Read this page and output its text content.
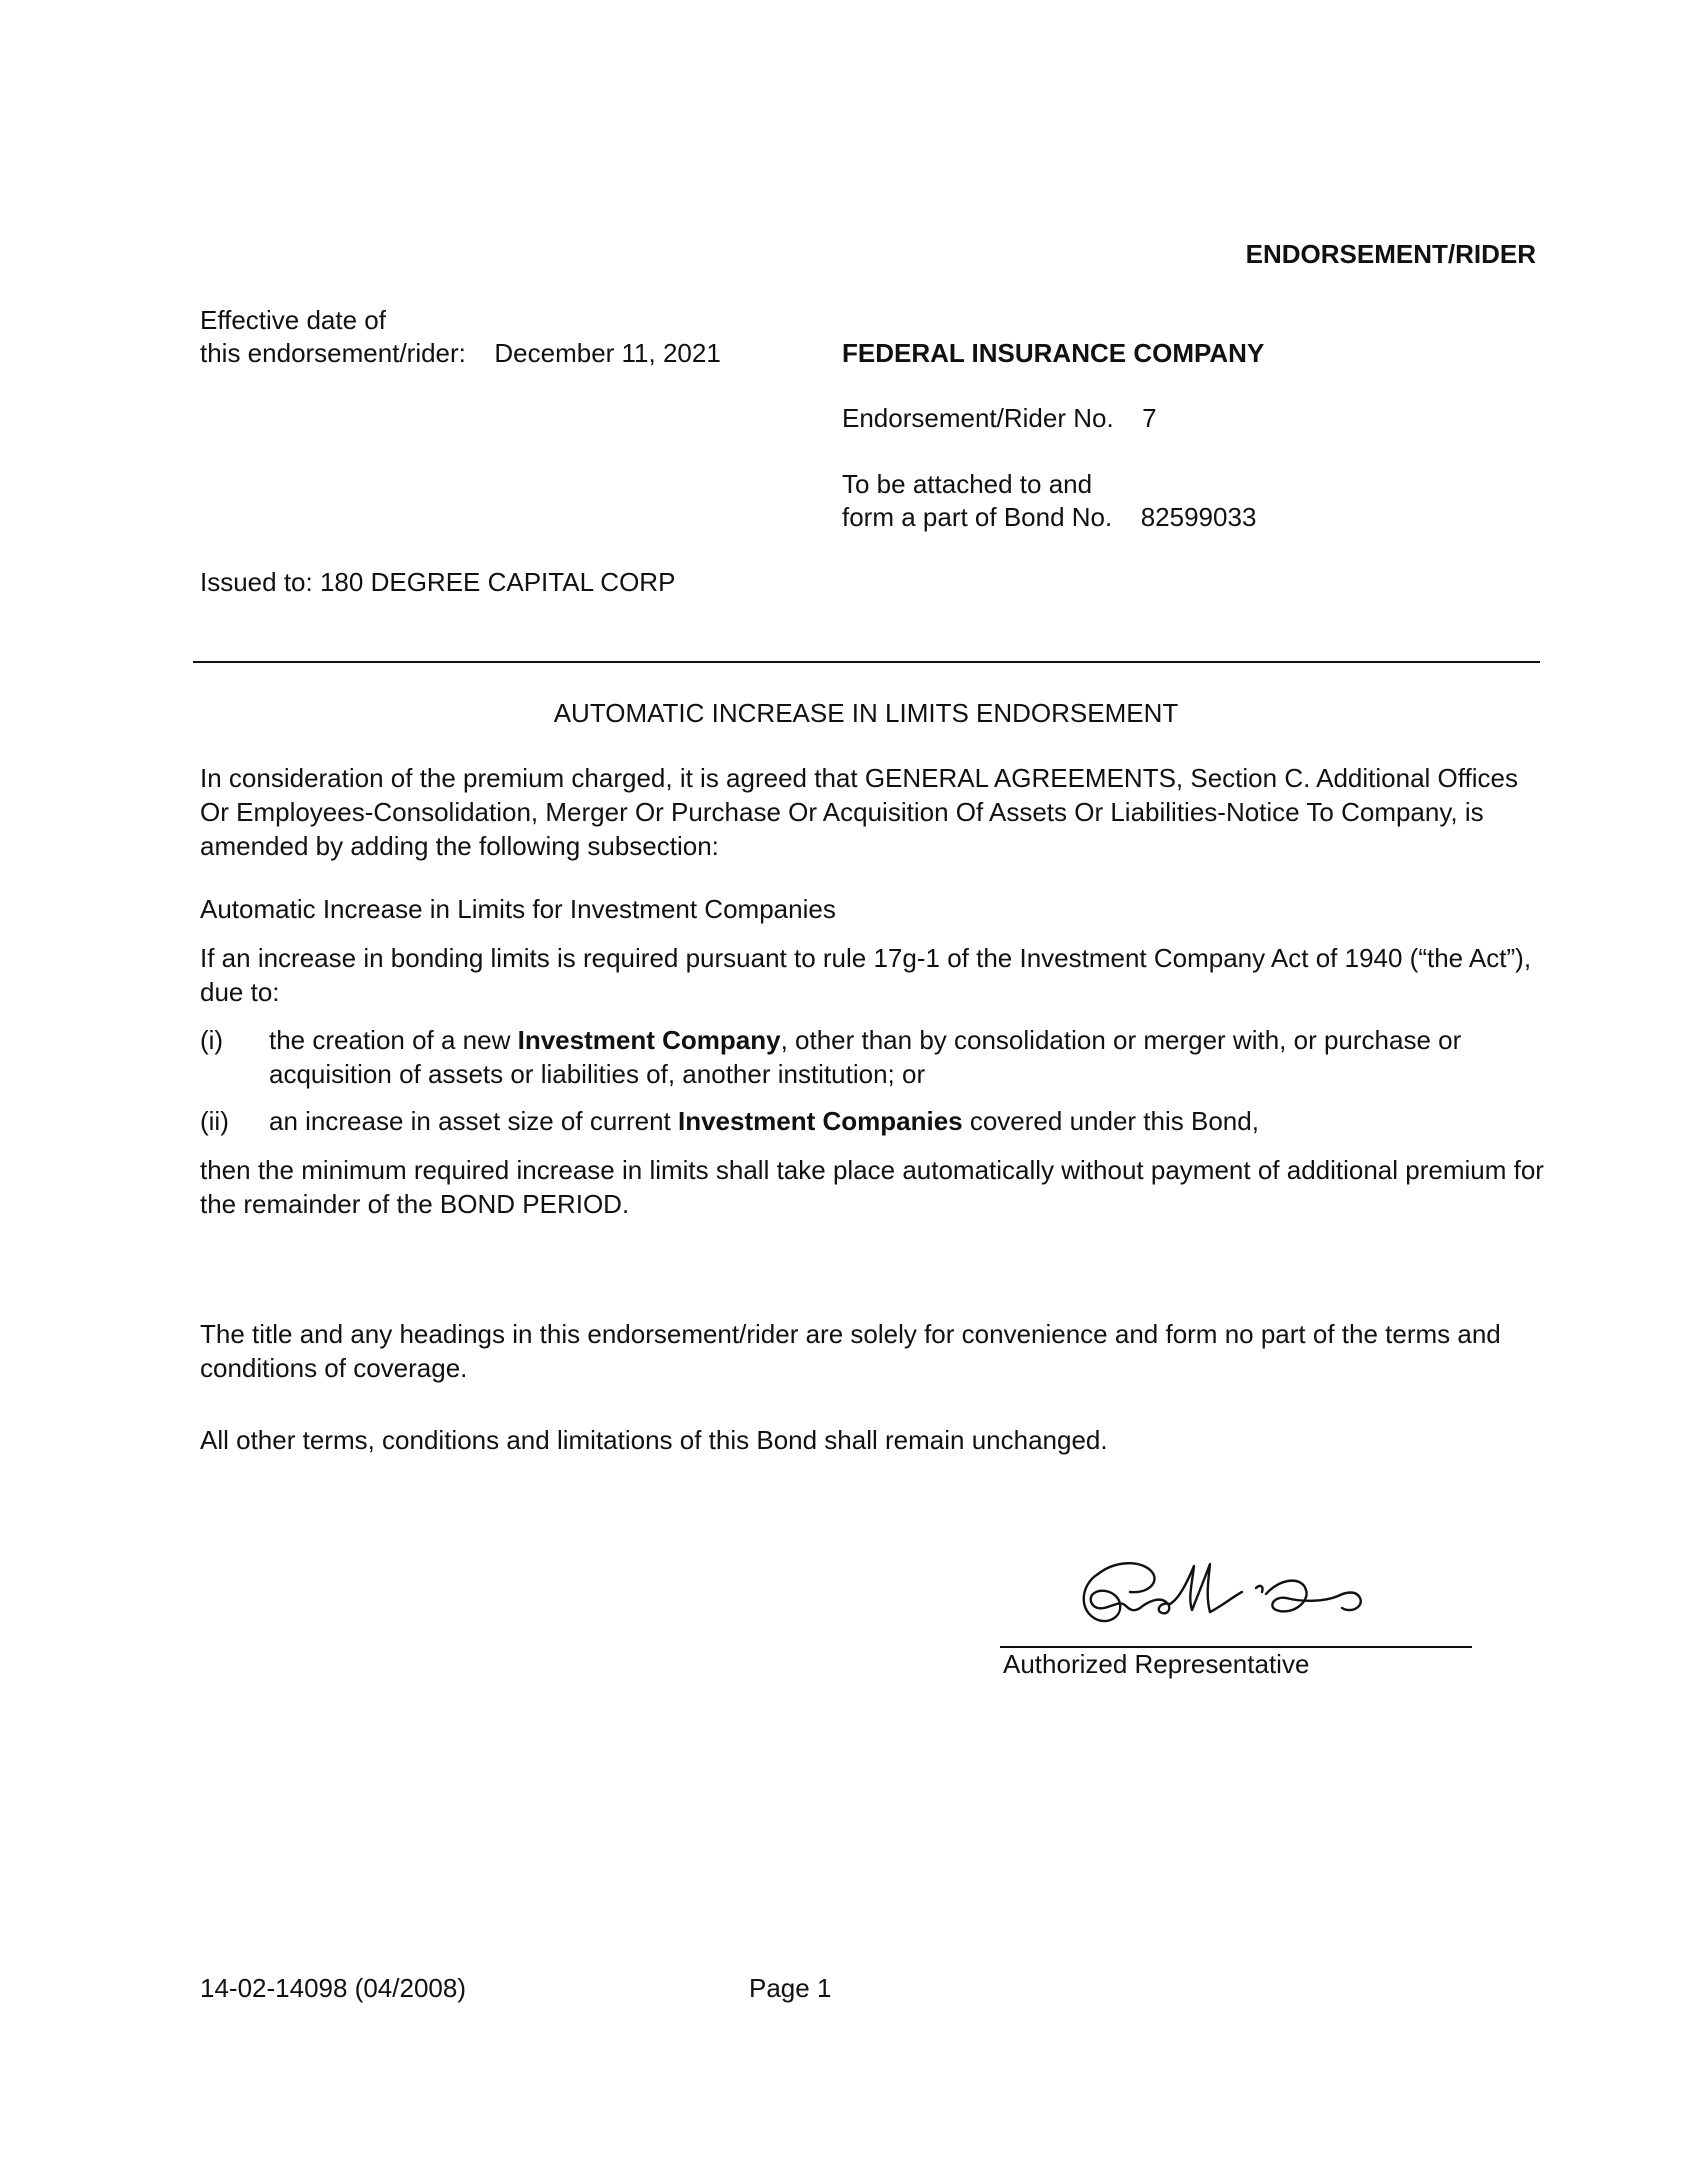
ENDORSEMENT/RIDER
Effective date of
this endorsement/rider: December 11, 2021	FEDERAL INSURANCE COMPANY
Endorsement/Rider No. 7
To be attached to and
form a part of Bond No. 82599033
Issued to: 180 DEGREE CAPITAL CORP
AUTOMATIC INCREASE IN LIMITS ENDORSEMENT
In consideration of the premium charged, it is agreed that GENERAL AGREEMENTS, Section C. Additional Offices Or Employees-Consolidation, Merger Or Purchase Or Acquisition Of Assets Or Liabilities-Notice To Company, is amended by adding the following subsection:
Automatic Increase in Limits for Investment Companies
If an increase in bonding limits is required pursuant to rule 17g-1 of the Investment Company Act of 1940 (“the Act”), due to:
(i) the creation of a new Investment Company, other than by consolidation or merger with, or purchase or acquisition of assets or liabilities of, another institution; or
(ii) an increase in asset size of current Investment Companies covered under this Bond,
then the minimum required increase in limits shall take place automatically without payment of additional premium for the remainder of the BOND PERIOD.
The title and any headings in this endorsement/rider are solely for convenience and form no part of the terms and conditions of coverage.
All other terms, conditions and limitations of this Bond shall remain unchanged.
Authorized Representative
14-02-14098 (04/2008)	Page 1
